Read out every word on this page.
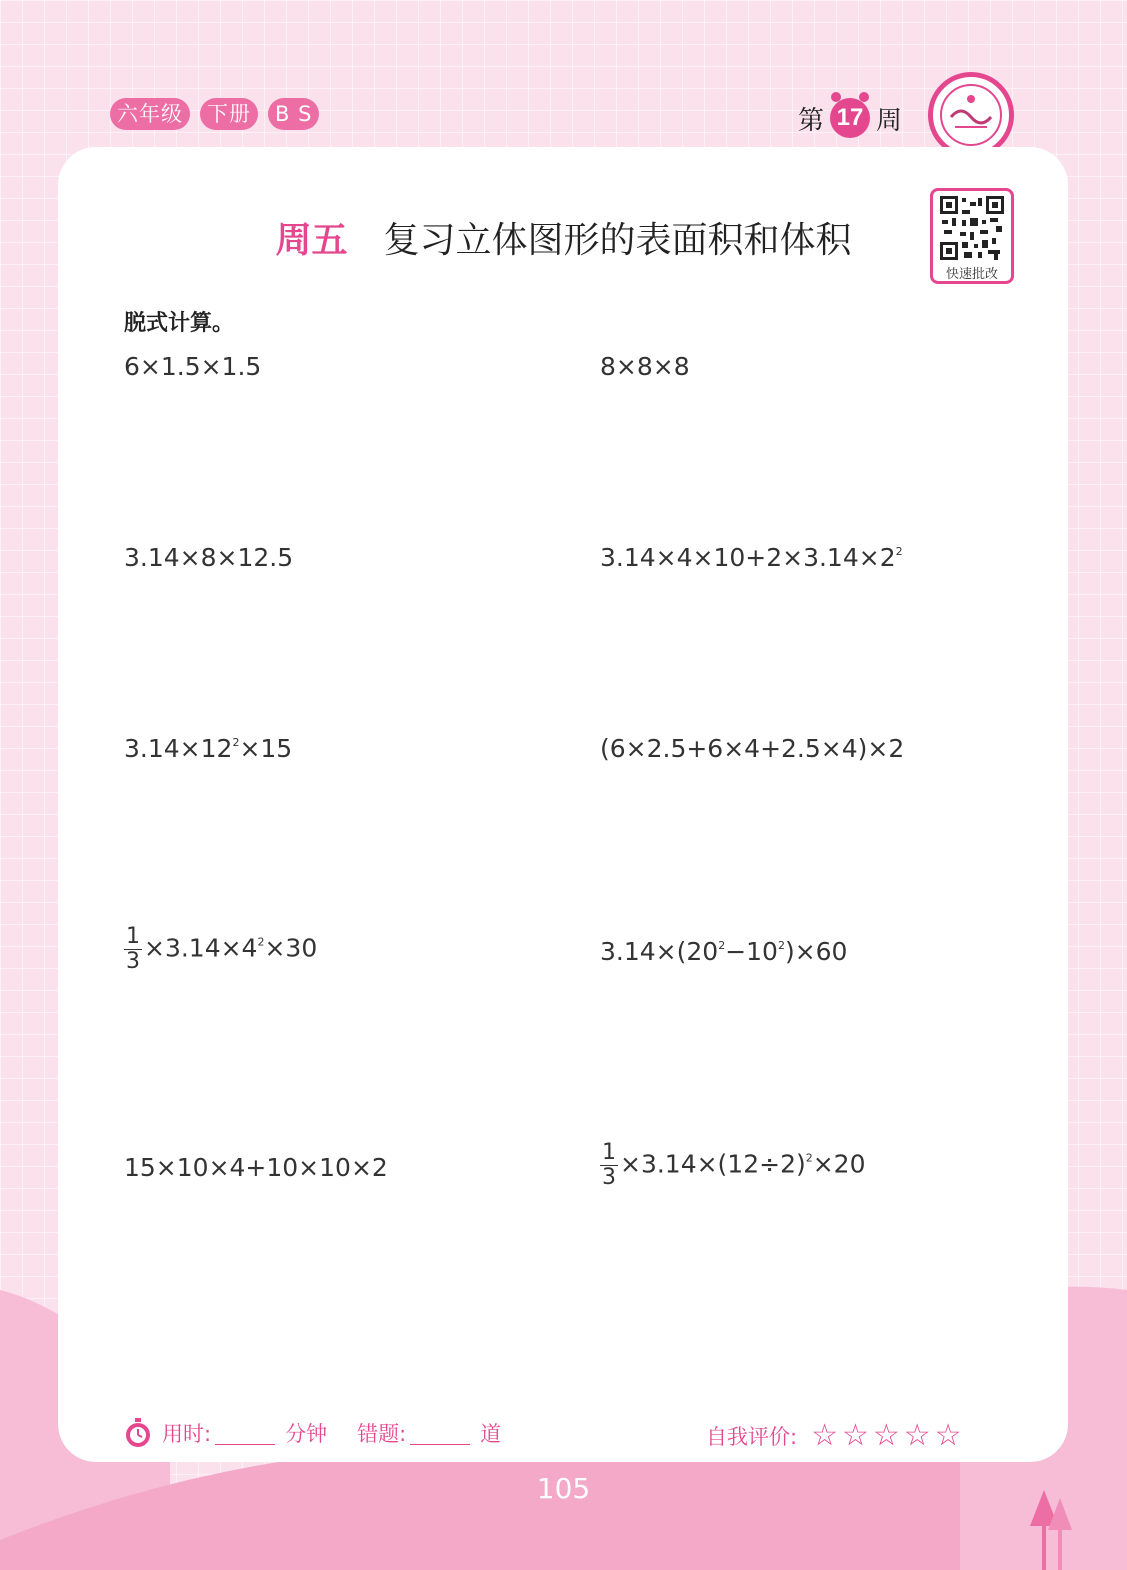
六年级	下册	B S	第 17 周
周五 复习立体图形的表面积和体积
快速批改
脱式计算。
6×1.5×1.5	8×8×8
3.14×8×12.5	$3.14\times 4\times 10+2\times 3.14\times 2^2$
$3.14\times 12^2\times 15$	(6×2.5+6×4+2.5×4)×2
$\frac{1}{3} \times 3.14\times 4^2\times 30$	$3.14\times(20^2-10^2)\times 60$
15×10×4+10×10×2	$\frac{1}{3} \times 3.14\times(12\div 2)^2\times 20$
用时:	分钟 错题:	道	自我评价: ☆☆☆☆☆
105
